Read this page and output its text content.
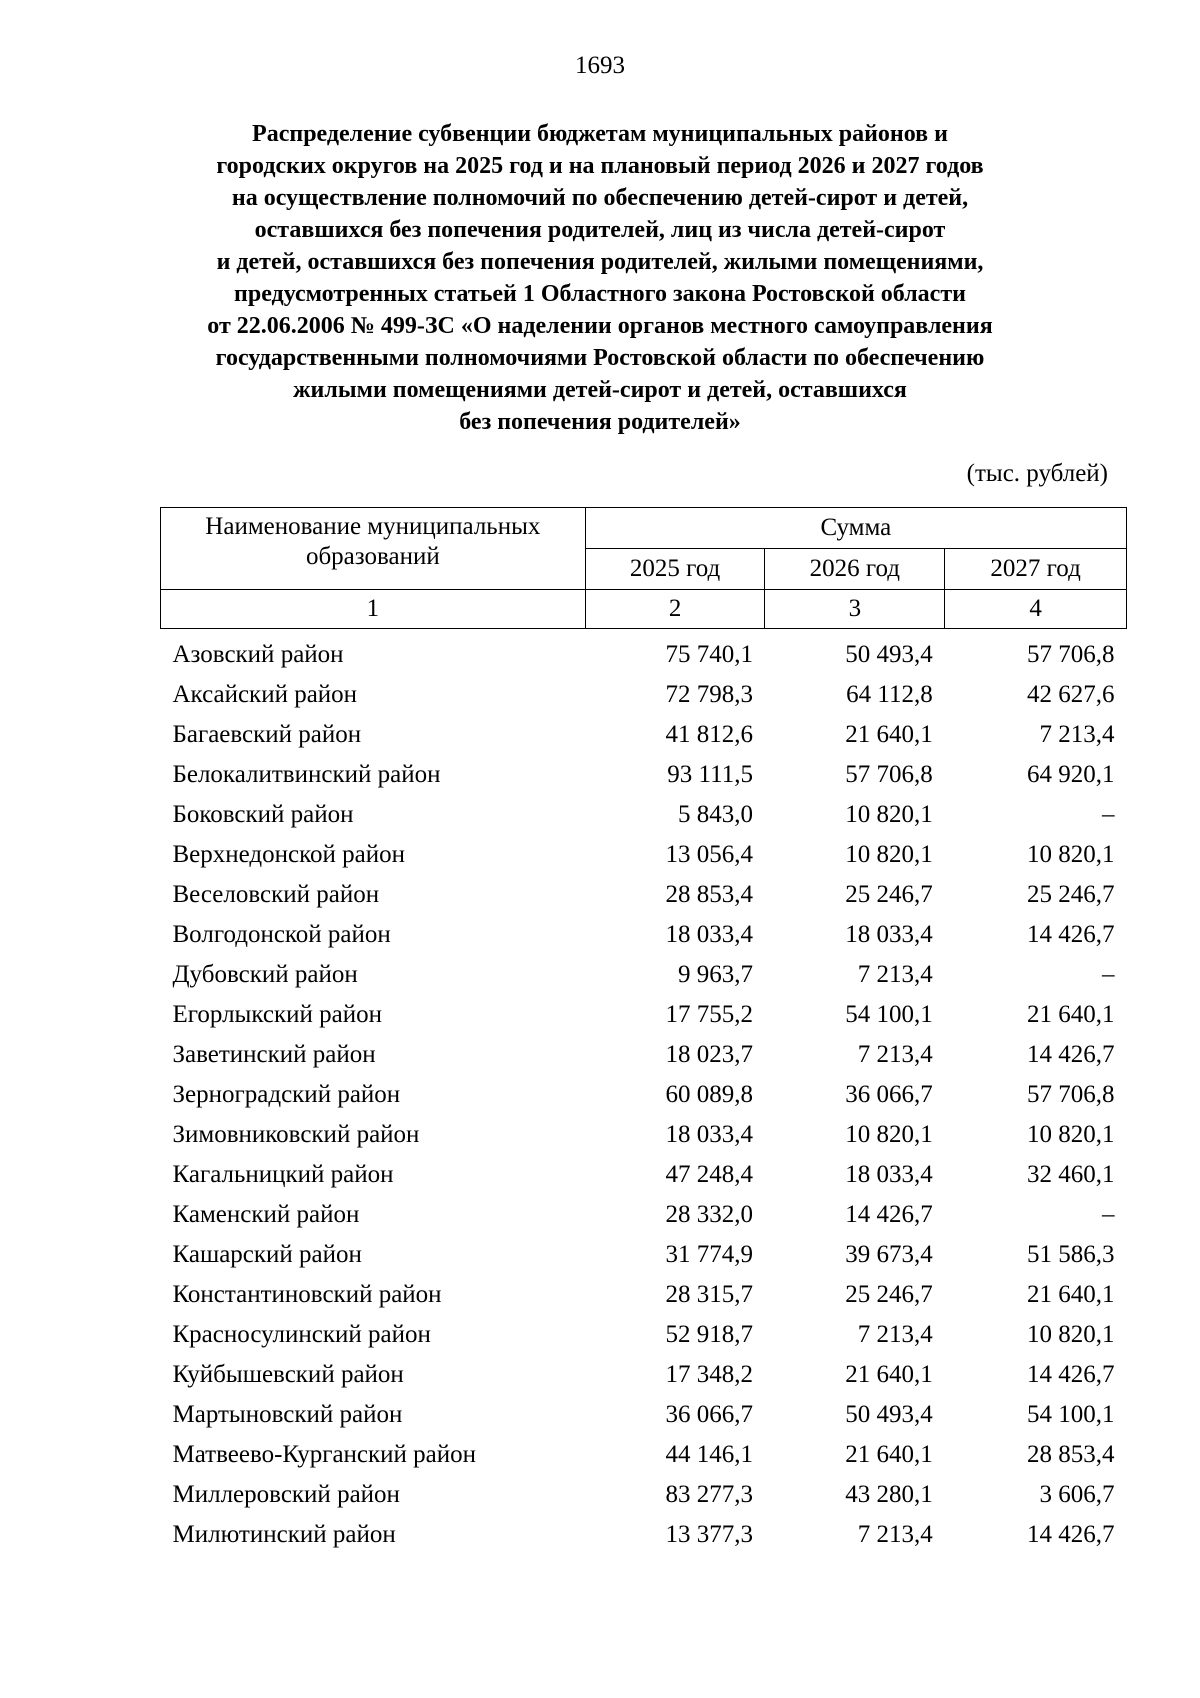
1693
Распределение субвенции бюджетам муниципальных районов и
городских округов на 2025 год и на плановый период 2026 и 2027 годов
на осуществление полномочий по обеспечению детей-сирот и детей,
оставшихся без попечения родителей, лиц из числа детей-сирот
и детей, оставшихся без попечения родителей, жилыми помещениями,
предусмотренных статьей 1 Областного закона Ростовской области
от 22.06.2006 № 499-ЗС «О наделении органов местного самоуправления
государственными полномочиями Ростовской области по обеспечению
жилыми помещениями детей-сирот и детей, оставшихся
без попечения родителей»
(тыс. рублей)
Наименование муниципальных образований	Сумма		
	2025 год	2026 год	2027 год
1	2	3	4
Азовский район	75 740,1	50 493,4	57 706,8
Аксайский район	72 798,3	64 112,8	42 627,6
Багаевский район	41 812,6	21 640,1	7 213,4
Белокалитвинский район	93 111,5	57 706,8	64 920,1
Боковский район	5 843,0	10 820,1	–
Верхнедонской район	13 056,4	10 820,1	10 820,1
Веселовский район	28 853,4	25 246,7	25 246,7
Волгодонской район	18 033,4	18 033,4	14 426,7
Дубовский район	9 963,7	7 213,4	–
Егорлыкский район	17 755,2	54 100,1	21 640,1
Заветинский район	18 023,7	7 213,4	14 426,7
Зерноградский район	60 089,8	36 066,7	57 706,8
Зимовниковский район	18 033,4	10 820,1	10 820,1
Кагальницкий район	47 248,4	18 033,4	32 460,1
Каменский район	28 332,0	14 426,7	–
Кашарский район	31 774,9	39 673,4	51 586,3
Константиновский район	28 315,7	25 246,7	21 640,1
Красносулинский район	52 918,7	7 213,4	10 820,1
Куйбышевский район	17 348,2	21 640,1	14 426,7
Мартыновский район	36 066,7	50 493,4	54 100,1
Матвеево-Курганский район	44 146,1	21 640,1	28 853,4
Миллеровский район	83 277,3	43 280,1	3 606,7
Милютинский район	13 377,3	7 213,4	14 426,7
